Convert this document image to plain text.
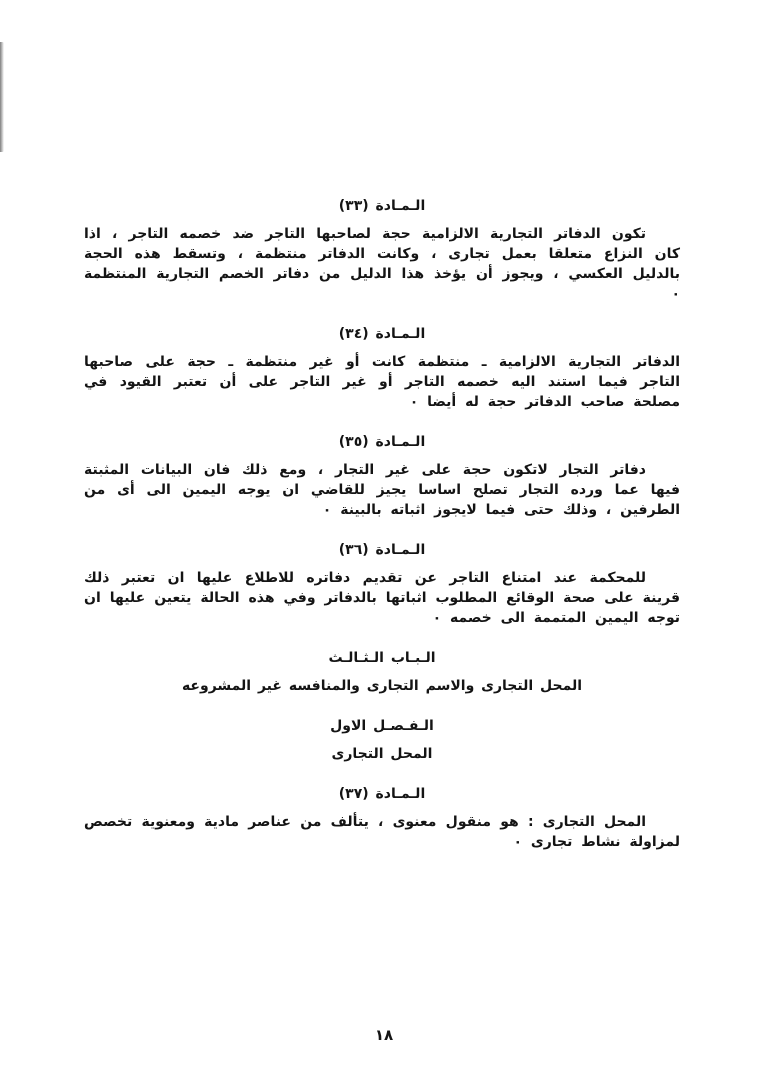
الـمـادة (٣٣)

تكون الدفاتر التجارية الالزامية حجة لصاحبها التاجر ضد خصمه التاجر ، اذا كان النزاع متعلقا بعمل تجارى ، وكانت الدفاتر منتظمة ، وتسقط هذه الحجة بالدليل العكسي ، ويجوز أن يؤخذ هذا الدليل من دفاتر الخصم التجارية المنتظمة ٠

الـمـادة (٣٤)

الدفاتر التجارية الالزامية ـ منتظمة كانت أو غير منتظمة ـ حجة على صاحبها التاجر فيما استند اليه خصمه التاجر أو غير التاجر على أن تعتبر القيود في مصلحة صاحب الدفاتر حجة له أيضا ٠

الـمـادة (٣٥)

دفاتر التجار لاتكون حجة على غير التجار ، ومع ذلك فان البيانات المثبتة فيها عما ورده التجار تصلح اساسا يجيز للقاضي ان يوجه اليمين الى أى من الطرفين ، وذلك حتى فيما لايجوز اثباته بالبينة ٠

الـمـادة (٣٦)

للمحكمة عند امتناع التاجر عن تقديم دفاتره للاطلاع عليها ان تعتبر ذلك قرينة على صحة الوقائع المطلوب اثباتها بالدفاتر وفي هذه الحالة يتعين عليها ان توجه اليمين المتممة الى خصمه ٠

الـبـاب الـثـالـث

المحل التجارى والاسم التجارى والمنافسه غير المشروعه

الـفـصـل الاول

المحل التجارى

الـمـادة (٣٧)

المحل التجارى : هو منقول معنوى ، يتألف من عناصر مادية ومعنوية تخصص لمزاولة نشاط تجارى ٠

١٨
